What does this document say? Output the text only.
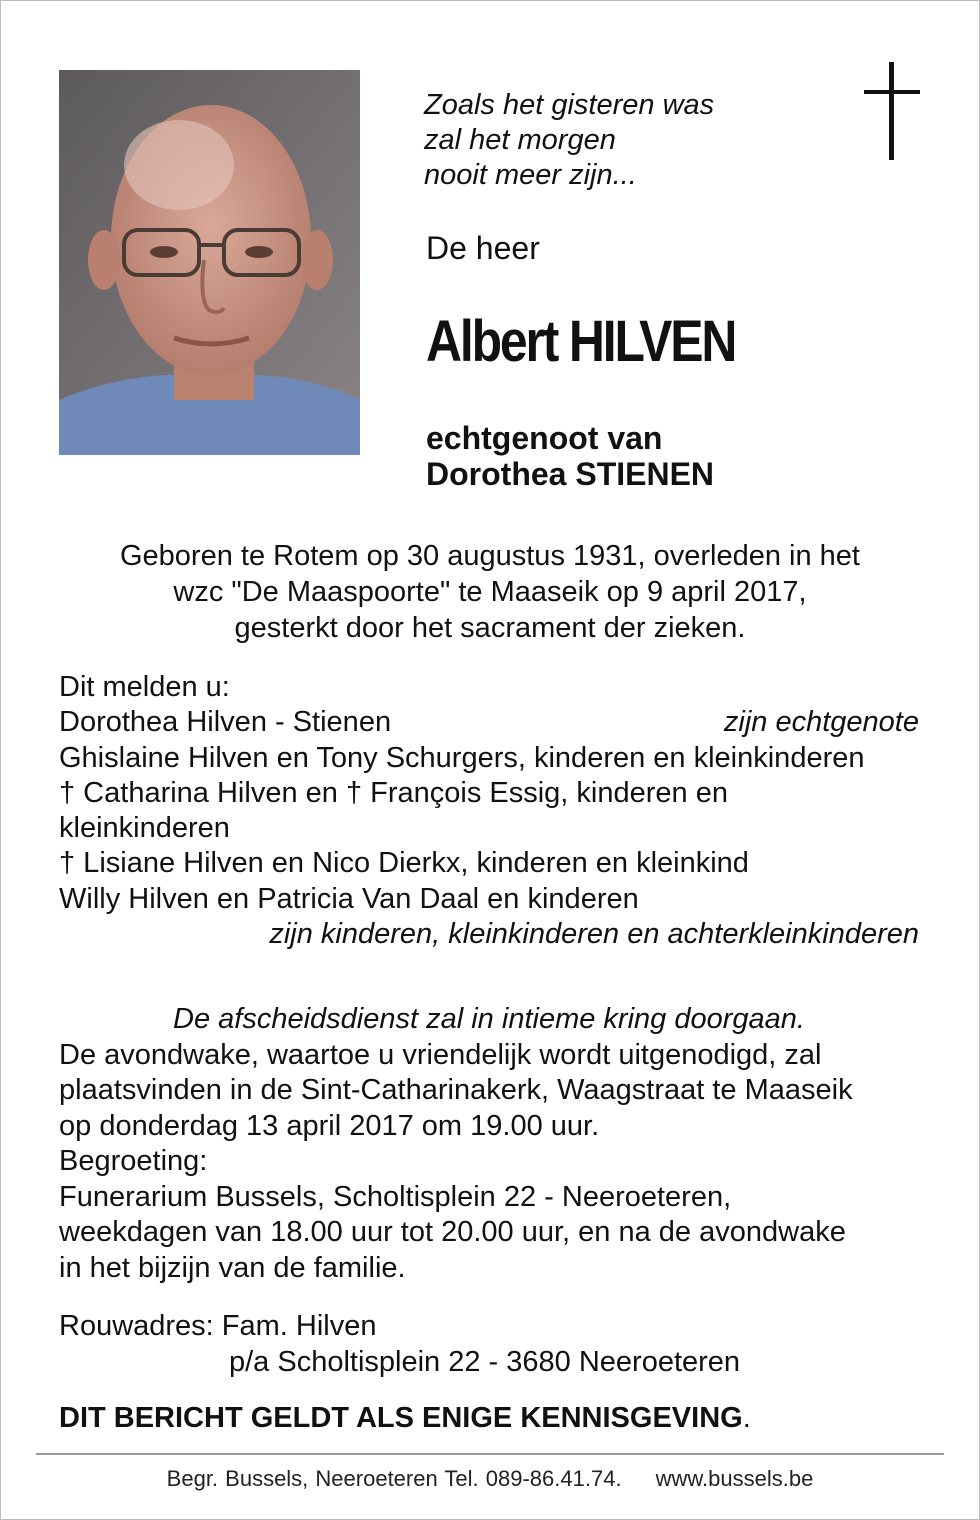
Zoals het gisteren was
zal het morgen
nooit meer zijn...
De heer
Albert HILVEN
echtgenoot van
Dorothea STIENEN
Geboren te Rotem op 30 augustus 1931, overleden in het
wzc "De Maaspoorte" te Maaseik op 9 april 2017,
gesterkt door het sacrament der zieken.
Dit melden u:
Dorothea Hilven - Stienen	zijn echtgenote
Ghislaine Hilven en Tony Schurgers, kinderen en kleinkinderen
† Catharina Hilven en † François Essig, kinderen en
kleinkinderen
† Lisiane Hilven en Nico Dierkx, kinderen en kleinkind
Willy Hilven en Patricia Van Daal en kinderen
zijn kinderen, kleinkinderen en achterkleinkinderen
De afscheidsdienst zal in intieme kring doorgaan.
De avondwake, waartoe u vriendelijk wordt uitgenodigd, zal
plaatsvinden in de Sint-Catharinakerk, Waagstraat te Maaseik
op donderdag 13 april 2017 om 19.00 uur.
Begroeting:
Funerarium Bussels, Scholtisplein 22 - Neeroeteren,
weekdagen van 18.00 uur tot 20.00 uur, en na de avondwake
in het bijzijn van de familie.
Rouwadres: Fam. Hilven
p/a Scholtisplein 22 - 3680 Neeroeteren
DIT BERICHT GELDT ALS ENIGE KENNISGEVING.
Begr. Bussels, Neeroeteren Tel. 089-86.41.74. www.bussels.be
